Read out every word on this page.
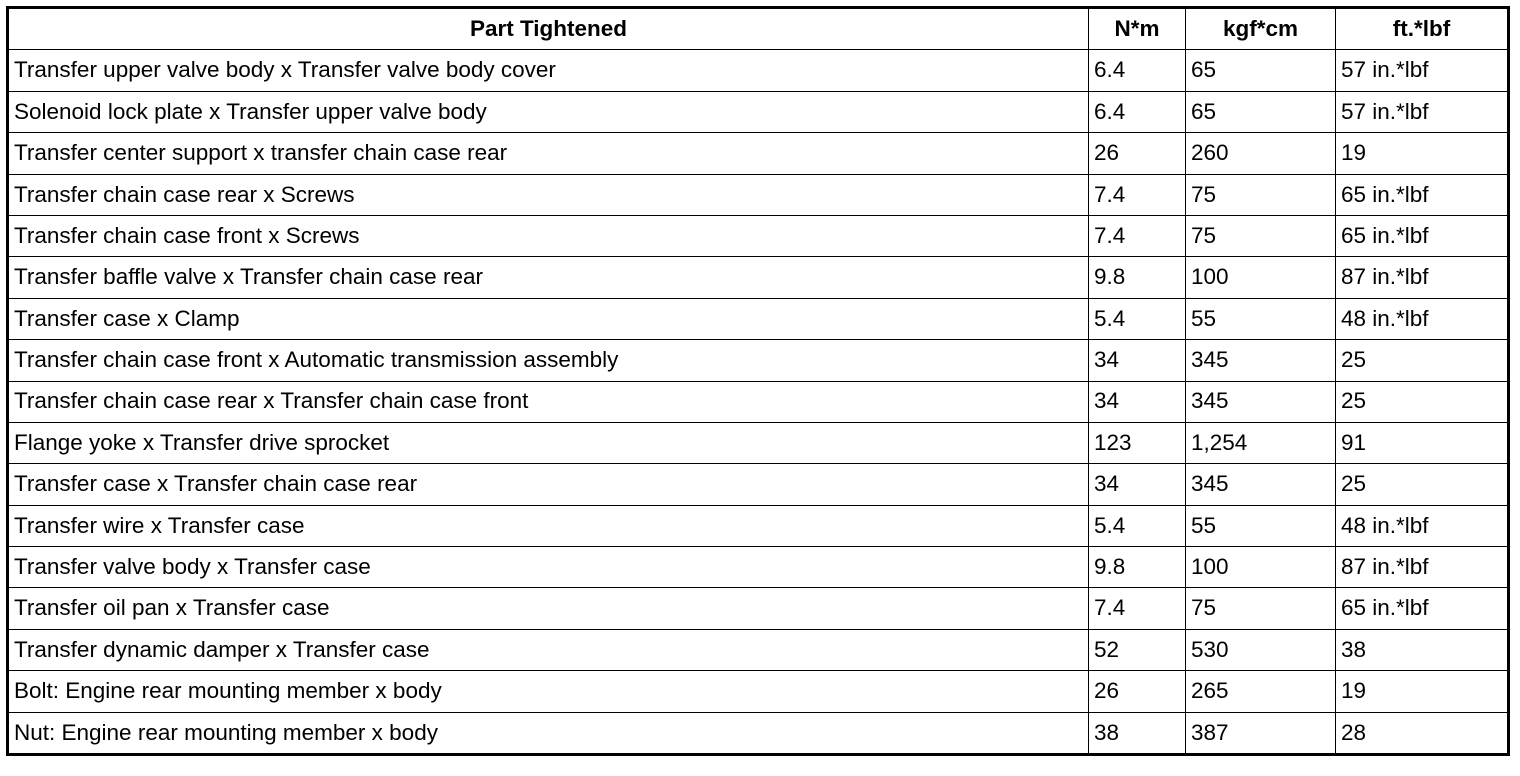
Part Tightened	N*m	kgf*cm	ft.*lbf
Transfer upper valve body x Transfer valve body cover	6.4	65	57 in.*lbf
Solenoid lock plate x Transfer upper valve body	6.4	65	57 in.*lbf
Transfer center support x transfer chain case rear	26	260	19
Transfer chain case rear x Screws	7.4	75	65 in.*lbf
Transfer chain case front x Screws	7.4	75	65 in.*lbf
Transfer baffle valve x Transfer chain case rear	9.8	100	87 in.*lbf
Transfer case x Clamp	5.4	55	48 in.*lbf
Transfer chain case front x Automatic transmission assembly	34	345	25
Transfer chain case rear x Transfer chain case front	34	345	25
Flange yoke x Transfer drive sprocket	123	1,254	91
Transfer case x Transfer chain case rear	34	345	25
Transfer wire x Transfer case	5.4	55	48 in.*lbf
Transfer valve body x Transfer case	9.8	100	87 in.*lbf
Transfer oil pan x Transfer case	7.4	75	65 in.*lbf
Transfer dynamic damper x Transfer case	52	530	38
Bolt: Engine rear mounting member x body	26	265	19
Nut: Engine rear mounting member x body	38	387	28
